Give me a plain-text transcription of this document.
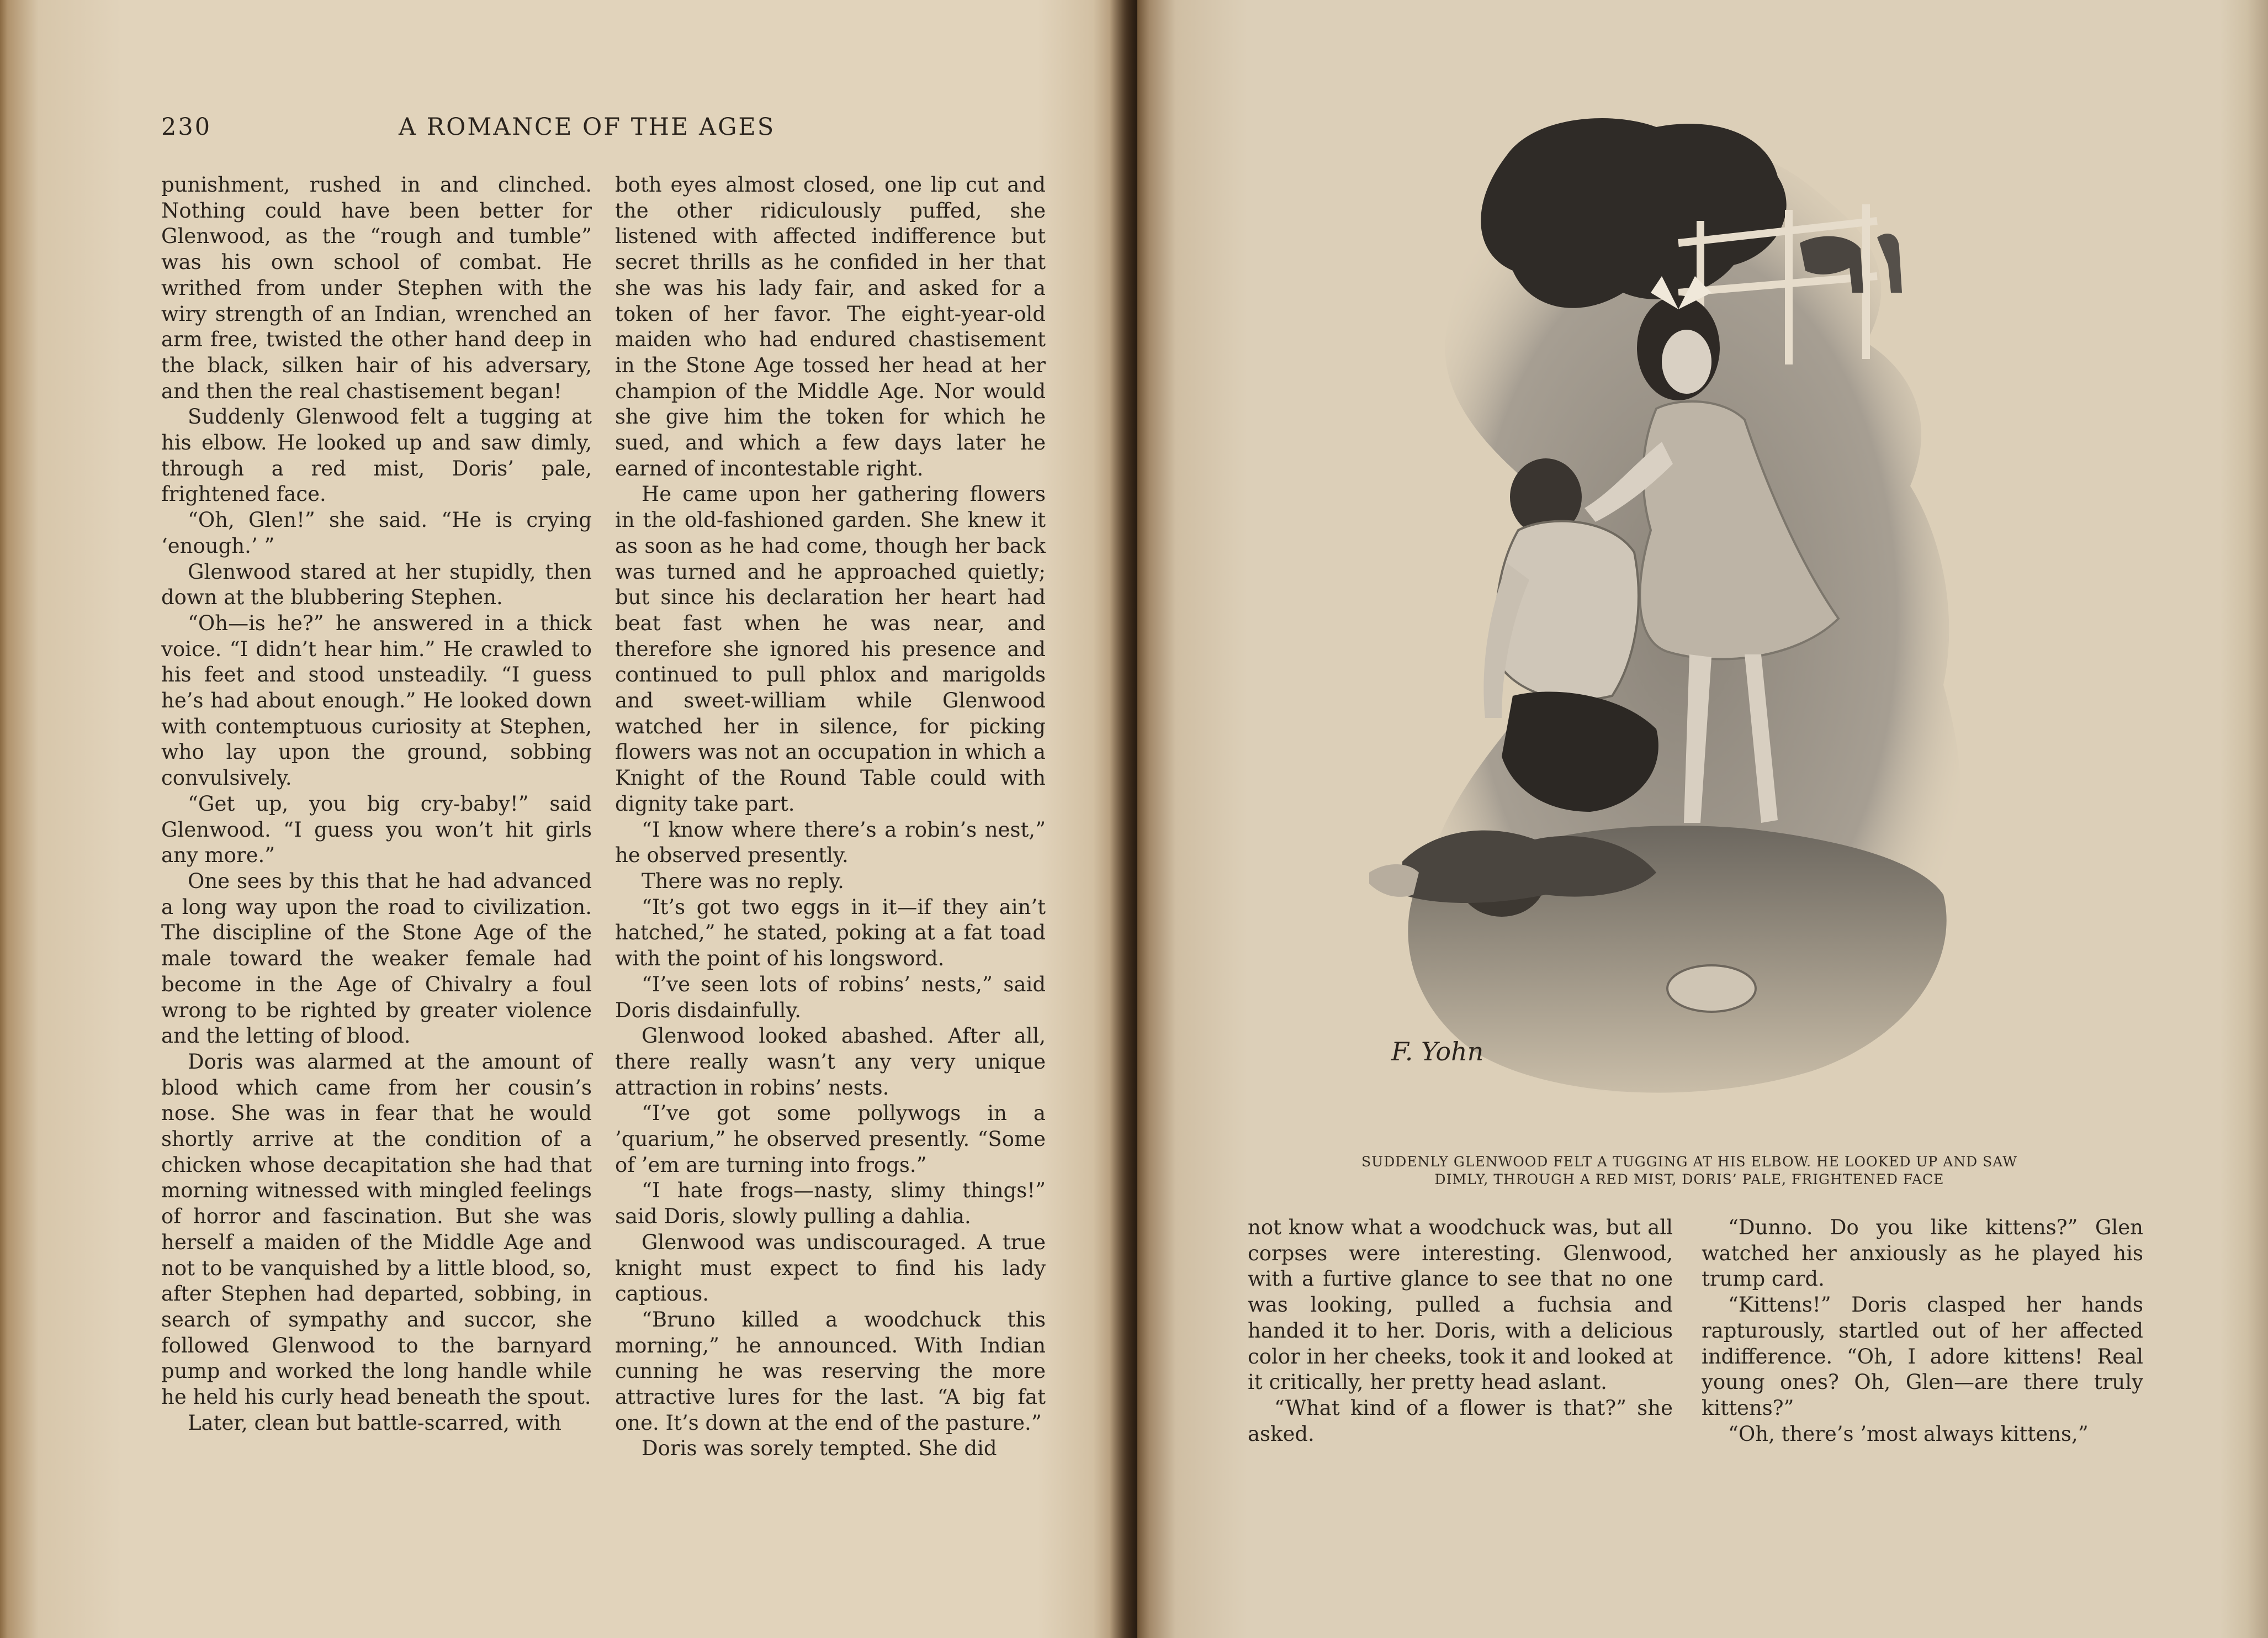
230	A ROMANCE OF THE AGES

punishment, rushed in and clinched. Nothing could have been better for Glenwood, as the “rough and tumble” was his own school of combat. He writhed from under Stephen with the wiry strength of an Indian, wrenched an arm free, twisted the other hand deep in the black, silken hair of his adversary, and then the real chastisement began!

Suddenly Glenwood felt a tugging at his elbow. He looked up and saw dimly, through a red mist, Doris’ pale, frightened face.

“Oh, Glen!” she said. “He is crying ‘enough.’ ”

Glenwood stared at her stupidly, then down at the blubbering Stephen.

“Oh—is he?” he answered in a thick voice. “I didn’t hear him.” He crawled to his feet and stood unsteadily. “I guess he’s had about enough.” He looked down with contemptuous curiosity at Stephen, who lay upon the ground, sobbing convulsively.

“Get up, you big cry-baby!” said Glenwood. “I guess you won’t hit girls any more.”

One sees by this that he had advanced a long way upon the road to civilization. The discipline of the Stone Age of the male toward the weaker female had become in the Age of Chivalry a foul wrong to be righted by greater violence and the letting of blood.

Doris was alarmed at the amount of blood which came from her cousin’s nose. She was in fear that he would shortly arrive at the condition of a chicken whose decapitation she had that morning witnessed with mingled feelings of horror and fascination. But she was herself a maiden of the Middle Age and not to be vanquished by a little blood, so, after Stephen had departed, sobbing, in search of sympathy and succor, she followed Glenwood to the barnyard pump and worked the long handle while he held his curly head beneath the spout.

Later, clean but battle-scarred, with

both eyes almost closed, one lip cut and the other ridiculously puffed, she listened with affected indifference but secret thrills as he confided in her that she was his lady fair, and asked for a token of her favor. The eight-year-old maiden who had endured chastisement in the Stone Age tossed her head at her champion of the Middle Age. Nor would she give him the token for which he sued, and which a few days later he earned of incontestable right.

He came upon her gathering flowers in the old-fashioned garden. She knew it as soon as he had come, though her back was turned and he approached quietly; but since his declaration her heart had beat fast when he was near, and therefore she ignored his presence and continued to pull phlox and marigolds and sweet-william while Glenwood watched her in silence, for picking flowers was not an occupation in which a Knight of the Round Table could with dignity take part.

“I know where there’s a robin’s nest,” he observed presently.

There was no reply.

“It’s got two eggs in it—if they ain’t hatched,” he stated, poking at a fat toad with the point of his longsword.

“I’ve seen lots of robins’ nests,” said Doris disdainfully.

Glenwood looked abashed. After all, there really wasn’t any very unique attraction in robins’ nests.

“I’ve got some pollywogs in a ’quarium,” he observed presently. “Some of ’em are turning into frogs.”

“I hate frogs—nasty, slimy things!” said Doris, slowly pulling a dahlia.

Glenwood was undiscouraged. A true knight must expect to find his lady captious.

“Bruno killed a woodchuck this morning,” he announced. With Indian cunning he was reserving the more attractive lures for the last. “A big fat one. It’s down at the end of the pasture.”

Doris was sorely tempted. She did

F. Yohn
SUDDENLY GLENWOOD FELT A TUGGING AT HIS ELBOW. HE LOOKED UP AND SAW
DIMLY, THROUGH A RED MIST, DORIS’ PALE, FRIGHTENED FACE

not know what a woodchuck was, but all corpses were interesting. Glenwood, with a furtive glance to see that no one was looking, pulled a fuchsia and handed it to her. Doris, with a delicious color in her cheeks, took it and looked at it critically, her pretty head aslant.

“What kind of a flower is that?” she asked.

“Dunno. Do you like kittens?” Glen watched her anxiously as he played his trump card.

“Kittens!” Doris clasped her hands rapturously, startled out of her affected indifference. “Oh, I adore kittens! Real young ones? Oh, Glen—are there truly kittens?”

“Oh, there’s ’most always kittens,”
